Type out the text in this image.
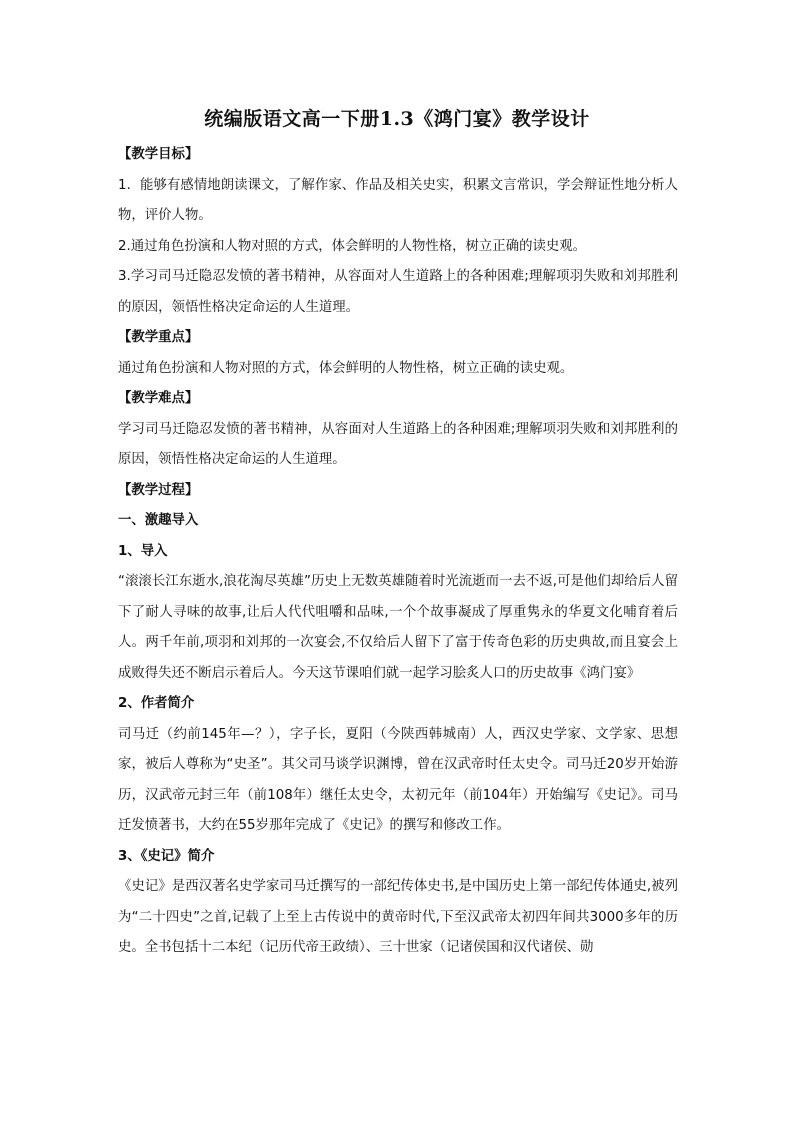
统编版语文高一下册1.3《鸿门宴》教学设计

【教学目标】

1．能够有感情地朗读课文，了解作家、作品及相关史实，积累文言常识，学会辩证性地分析人物，评价人物。

2.通过角色扮演和人物对照的方式，体会鲜明的人物性格，树立正确的读史观。

3.学习司马迁隐忍发愤的著书精神，从容面对人生道路上的各种困难;理解项羽失败和刘邦胜利的原因，领悟性格决定命运的人生道理。

【教学重点】

通过角色扮演和人物对照的方式，体会鲜明的人物性格，树立正确的读史观。

【教学难点】

学习司马迁隐忍发愤的著书精神，从容面对人生道路上的各种困难;理解项羽失败和刘邦胜利的原因，领悟性格决定命运的人生道理。

【教学过程】

一、激趣导入

1、导入

“滚滚长江东逝水,浪花淘尽英雄”历史上无数英雄随着时光流逝而一去不返,可是他们却给后人留下了耐人寻味的故事,让后人代代咀嚼和品味,一个个故事凝成了厚重隽永的华夏文化哺育着后人。两千年前,项羽和刘邦的一次宴会,不仅给后人留下了富于传奇色彩的历史典故,而且宴会上成败得失还不断启示着后人。今天这节课咱们就一起学习脍炙人口的历史故事《鸿门宴》

2、作者简介

司马迁（约前145年—？），字子长，夏阳（今陕西韩城南）人，西汉史学家、文学家、思想家，被后人尊称为“史圣”。其父司马谈学识渊博，曾在汉武帝时任太史令。司马迁20岁开始游历，汉武帝元封三年（前108年）继任太史令，太初元年（前104年）开始编写《史记》。司马迁发愤著书，大约在55岁那年完成了《史记》的撰写和修改工作。

3、《史记》简介

《史记》是西汉著名史学家司马迁撰写的一部纪传体史书,是中国历史上第一部纪传体通史,被列为“二十四史”之首,记载了上至上古传说中的黄帝时代,下至汉武帝太初四年间共3000多年的历史。全书包括十二本纪（记历代帝王政绩）、三十世家（记诸侯国和汉代诸侯、勋
